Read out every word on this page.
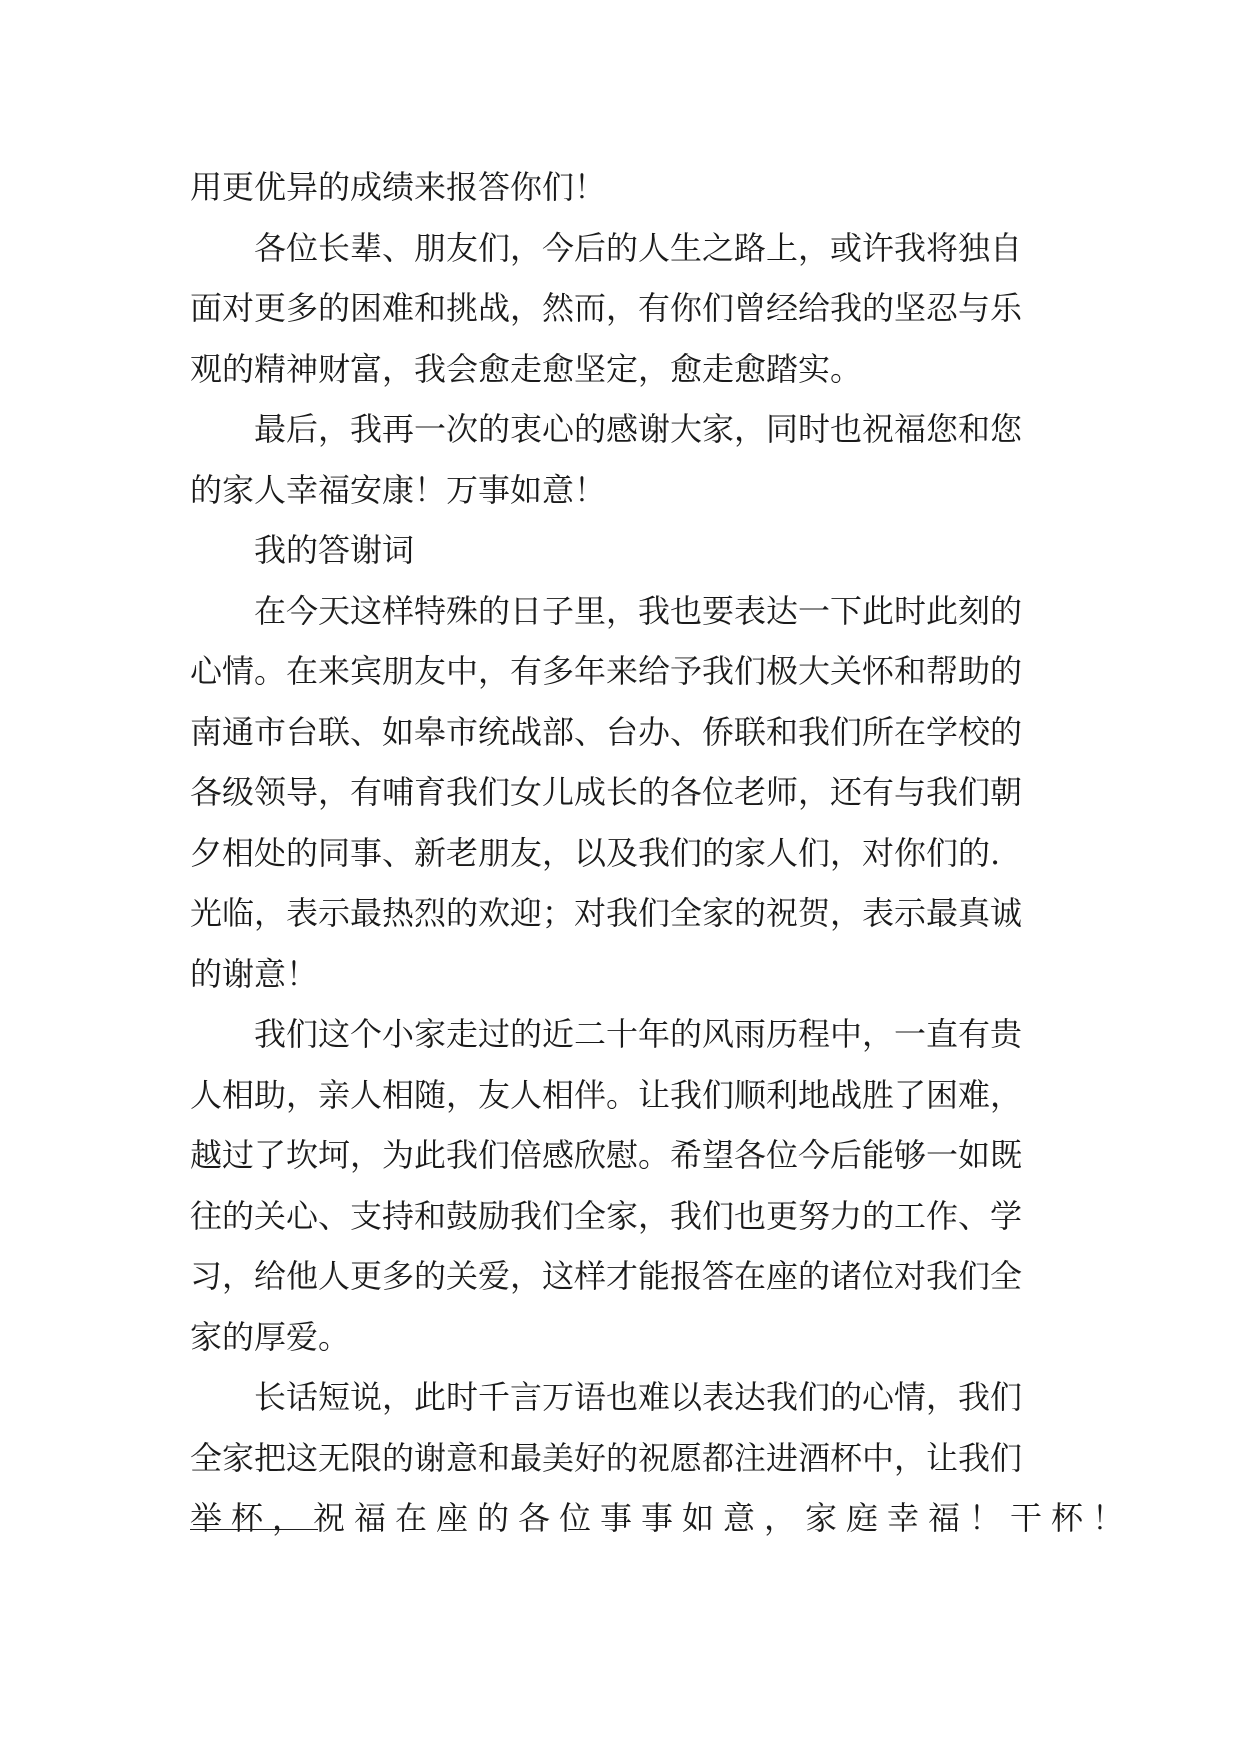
用更优异的成绩来报答你们！
各位长辈、朋友们，今后的人生之路上，或许我将独自
面对更多的困难和挑战，然而，有你们曾经给我的坚忍与乐
观的精神财富，我会愈走愈坚定，愈走愈踏实。
最后，我再一次的衷心的感谢大家，同时也祝福您和您
的家人幸福安康！万事如意！
我的答谢词
在今天这样特殊的日子里，我也要表达一下此时此刻的
心情。在来宾朋友中，有多年来给予我们极大关怀和帮助的
南通市台联、如皋市统战部、台办、侨联和我们所在学校的
各级领导，有哺育我们女儿成长的各位老师，还有与我们朝
夕相处的同事、新老朋友，以及我们的家人们，对你们的.
光临，表示最热烈的欢迎；对我们全家的祝贺，表示最真诚
的谢意！
我们这个小家走过的近二十年的风雨历程中，一直有贵
人相助，亲人相随，友人相伴。让我们顺利地战胜了困难，
越过了坎坷，为此我们倍感欣慰。希望各位今后能够一如既
往的关心、支持和鼓励我们全家，我们也更努力的工作、学
习，给他人更多的关爱，这样才能报答在座的诸位对我们全
家的厚爱。
长话短说，此时千言万语也难以表达我们的心情，我们
全家把这无限的谢意和最美好的祝愿都注进酒杯中，让我们
举杯，祝福在座的各位事事如意，家庭幸福！干杯！
